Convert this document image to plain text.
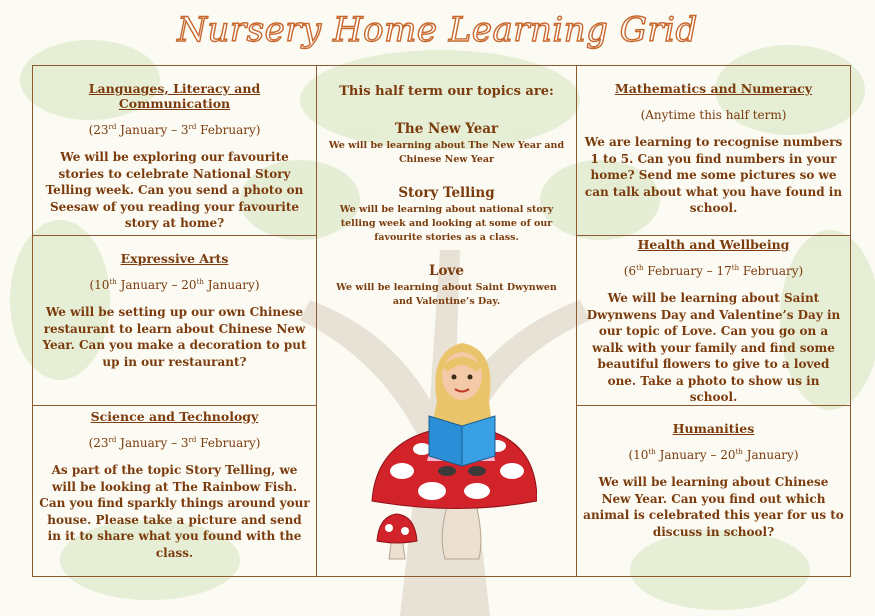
Nursery Home Learning Grid
Languages, Literacy and Communication
(23rd January – 3rd February)
We will be exploring our favourite stories to celebrate National Story Telling week. Can you send a photo on Seesaw of you reading your favourite story at home?
Expressive Arts
(10th January – 20th January)
We will be setting up our own Chinese restaurant to learn about Chinese New Year. Can you make a decoration to put up in our restaurant?
Science and Technology
(23rd January – 3rd February)
As part of the topic Story Telling, we will be looking at The Rainbow Fish. Can you find sparkly things around your house. Please take a picture and send in it to share what you found with the class.
This half term our topics are:
The New Year
We will be learning about The New Year and Chinese New Year
Story Telling
We will be learning about national story telling week and looking at some of our favourite stories as a class.
Love
We will be learning about Saint Dwynwen and Valentine’s Day.
Mathematics and Numeracy
(Anytime this half term)
We are learning to recognise numbers 1 to 5. Can you find numbers in your home? Send me some pictures so we can talk about what you have found in school.
Health and Wellbeing
(6th February – 17th February)
We will be learning about Saint Dwynwens Day and Valentine’s Day in our topic of Love. Can you go on a walk with your family and find some beautiful flowers to give to a loved one. Take a photo to show us in school.
Humanities
(10th January – 20th January)
We will be learning about Chinese New Year. Can you find out which animal is celebrated this year for us to discuss in school?
